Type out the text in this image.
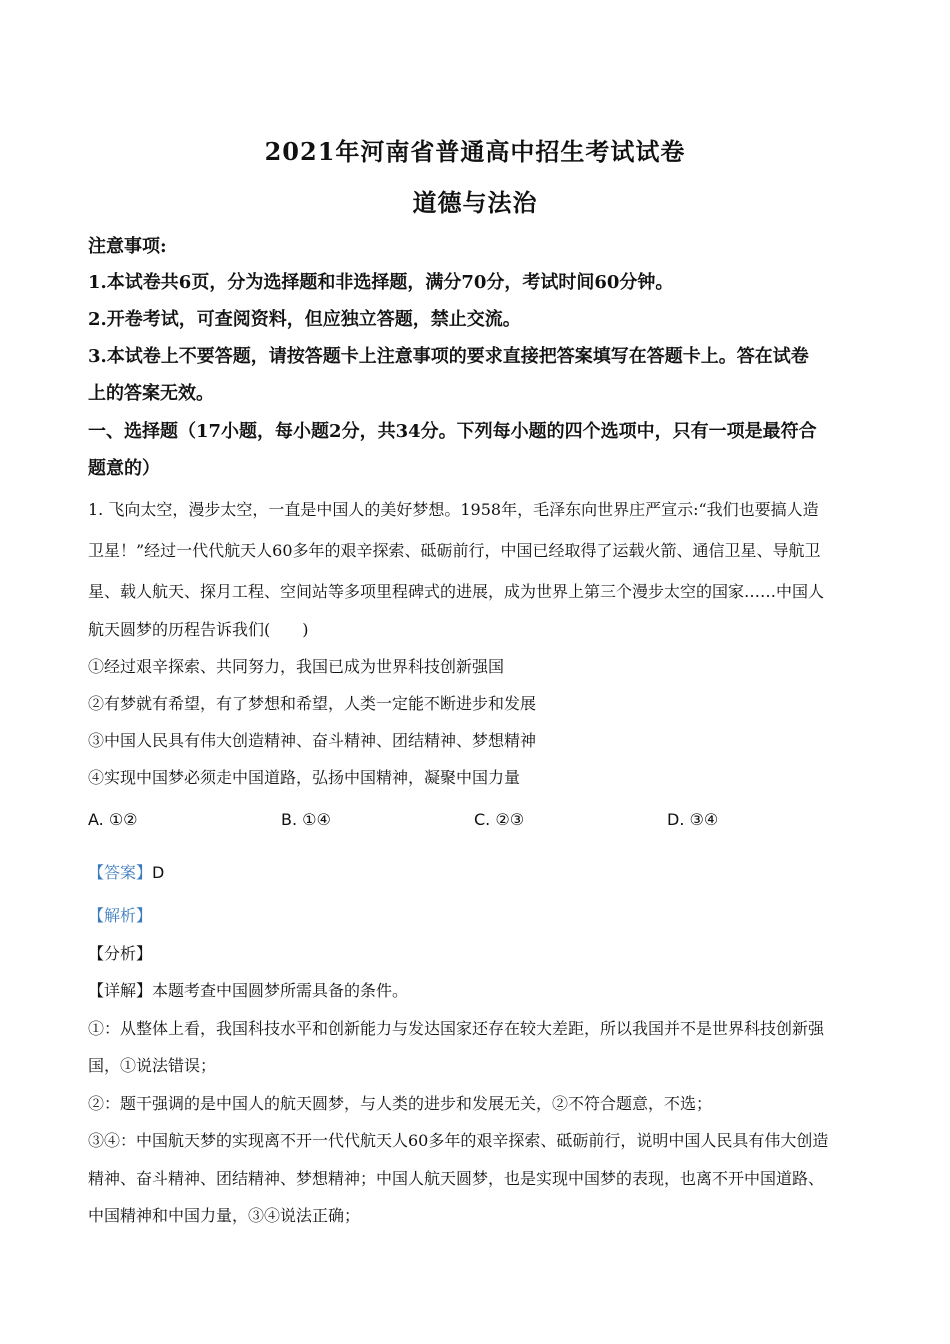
2021年河南省普通高中招生考试试卷
道德与法治
注意事项:
1.本试卷共6页，分为选择题和非选择题，满分70分，考试时间60分钟。
2.开卷考试，可查阅资料，但应独立答题，禁止交流。
3.本试卷上不要答题，请按答题卡上注意事项的要求直接把答案填写在答题卡上。答在试卷
上的答案无效。
一、选择题（17小题，每小题2分，共34分。下列每小题的四个选项中，只有一项是最符合
题意的）
1. 飞向太空，漫步太空，一直是中国人的美好梦想。1958年，毛泽东向世界庄严宣示:“我们也要搞人造
卫星！”经过一代代航天人60多年的艰辛探索、砥砺前行，中国已经取得了运载火箭、通信卫星、导航卫
星、载人航天、探月工程、空间站等多项里程碑式的进展，成为世界上第三个漫步太空的国家……中国人
航天圆梦的历程告诉我们(　　)
①经过艰辛探索、共同努力，我国已成为世界科技创新强国
②有梦就有希望，有了梦想和希望，人类一定能不断进步和发展
③中国人民具有伟大创造精神、奋斗精神、团结精神、梦想精神
④实现中国梦必须走中国道路，弘扬中国精神，凝聚中国力量
A. ①②	B. ①④	C. ②③	D. ③④
【答案】D
【解析】
【分析】
【详解】本题考查中国圆梦所需具备的条件。
①：从整体上看，我国科技水平和创新能力与发达国家还存在较大差距，所以我国并不是世界科技创新强
国，①说法错误；
②：题干强调的是中国人的航天圆梦，与人类的进步和发展无关，②不符合题意，不选；
③④：中国航天梦的实现离不开一代代航天人60多年的艰辛探索、砥砺前行，说明中国人民具有伟大创造
精神、奋斗精神、团结精神、梦想精神；中国人航天圆梦，也是实现中国梦的表现，也离不开中国道路、
中国精神和中国力量，③④说法正确；
